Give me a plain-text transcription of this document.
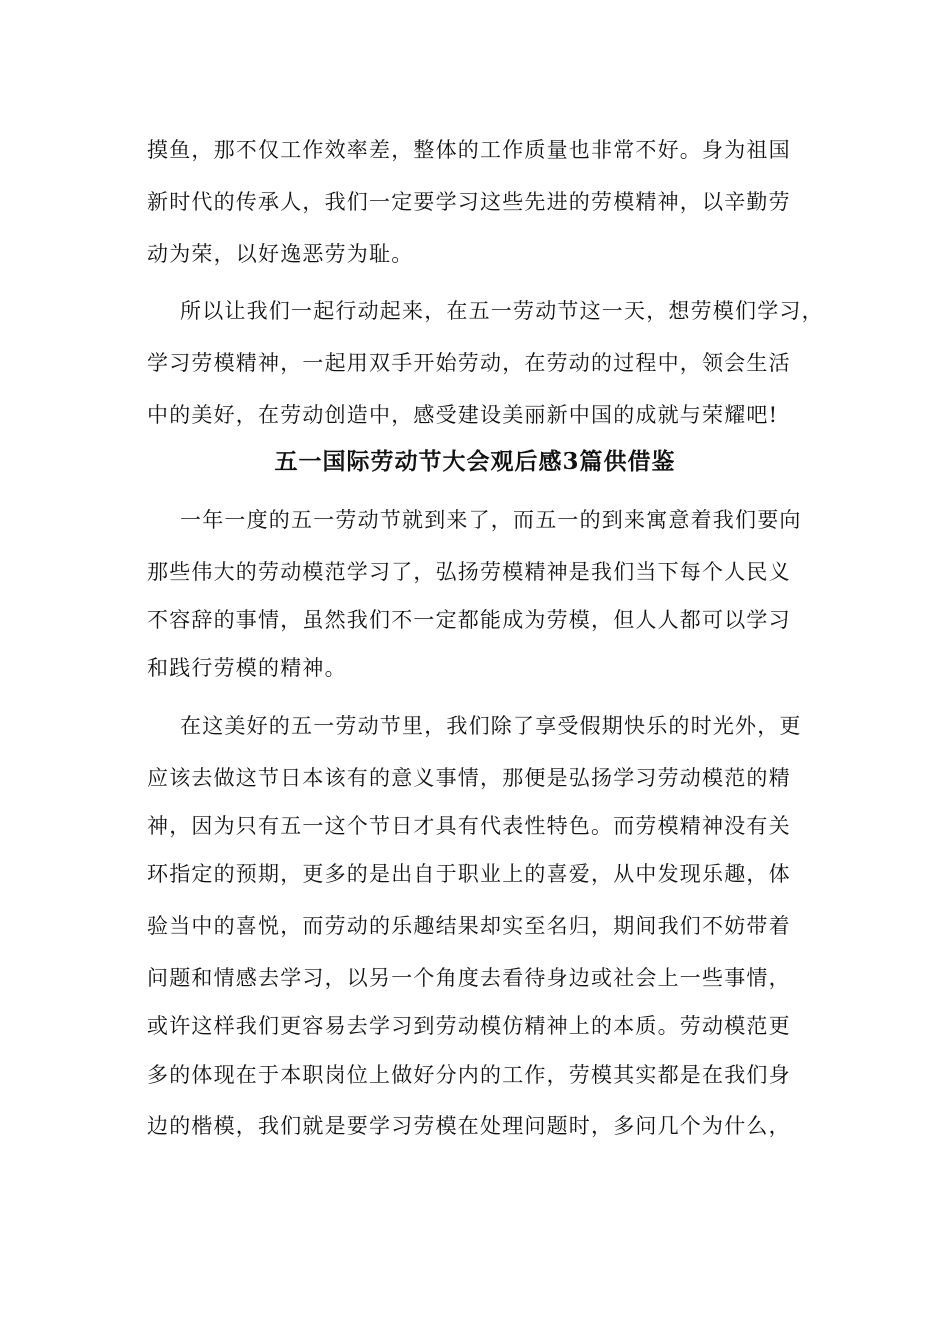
摸鱼，那不仅工作效率差，整体的工作质量也非常不好。身为祖国
新时代的传承人，我们一定要学习这些先进的劳模精神，以辛勤劳
动为荣，以好逸恶劳为耻。
所以让我们一起行动起来，在五一劳动节这一天，想劳模们学习，
学习劳模精神，一起用双手开始劳动，在劳动的过程中，领会生活
中的美好，在劳动创造中，感受建设美丽新中国的成就与荣耀吧!
五一国际劳动节大会观后感3篇供借鉴
一年一度的五一劳动节就到来了，而五一的到来寓意着我们要向
那些伟大的劳动模范学习了，弘扬劳模精神是我们当下每个人民义
不容辞的事情，虽然我们不一定都能成为劳模，但人人都可以学习
和践行劳模的精神。
在这美好的五一劳动节里，我们除了享受假期快乐的时光外，更
应该去做这节日本该有的意义事情，那便是弘扬学习劳动模范的精
神，因为只有五一这个节日才具有代表性特色。而劳模精神没有关
环指定的预期，更多的是出自于职业上的喜爱，从中发现乐趣，体
验当中的喜悦，而劳动的乐趣结果却实至名归，期间我们不妨带着
问题和情感去学习，以另一个角度去看待身边或社会上一些事情，
或许这样我们更容易去学习到劳动模仿精神上的本质。劳动模范更
多的体现在于本职岗位上做好分内的工作，劳模其实都是在我们身
边的楷模，我们就是要学习劳模在处理问题时，多问几个为什么，
